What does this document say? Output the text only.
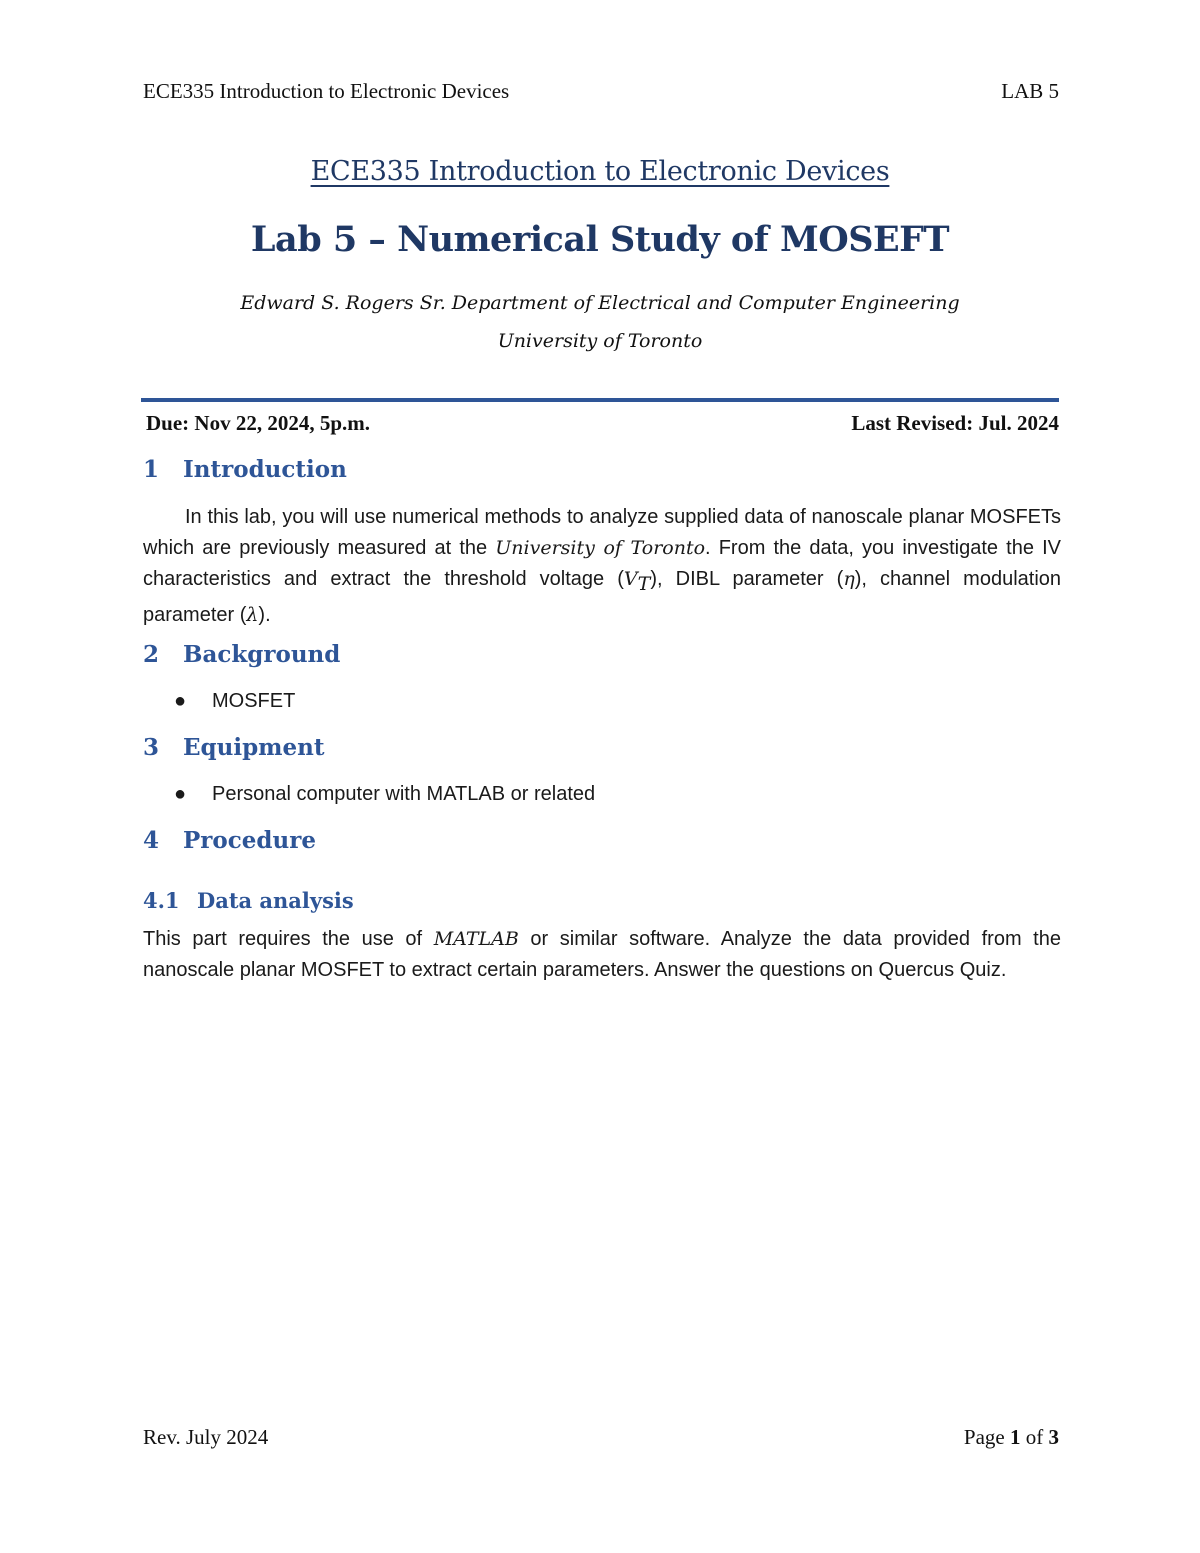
ECE335 Introduction to Electronic Devices	LAB 5
ECE335 Introduction to Electronic Devices
Lab 5 – Numerical Study of MOSEFT
Edward S. Rogers Sr. Department of Electrical and Computer Engineering
University of Toronto
Due: Nov 22, 2024, 5p.m.	Last Revised: Jul. 2024
1 Introduction
In this lab, you will use numerical methods to analyze supplied data of nanoscale planar MOSFETs which are previously measured at the University of Toronto. From the data, you investigate the IV characteristics and extract the threshold voltage $(V_T)$, DIBL parameter (η), channel modulation parameter (λ).
2 Background
● MOSFET
3 Equipment
● Personal computer with MATLAB or related
4 Procedure
4.1 Data analysis
This part requires the use of MATLAB or similar software. Analyze the data provided from the nanoscale planar MOSFET to extract certain parameters. Answer the questions on Quercus Quiz.
Rev. July 2024	Page 1 of 3
